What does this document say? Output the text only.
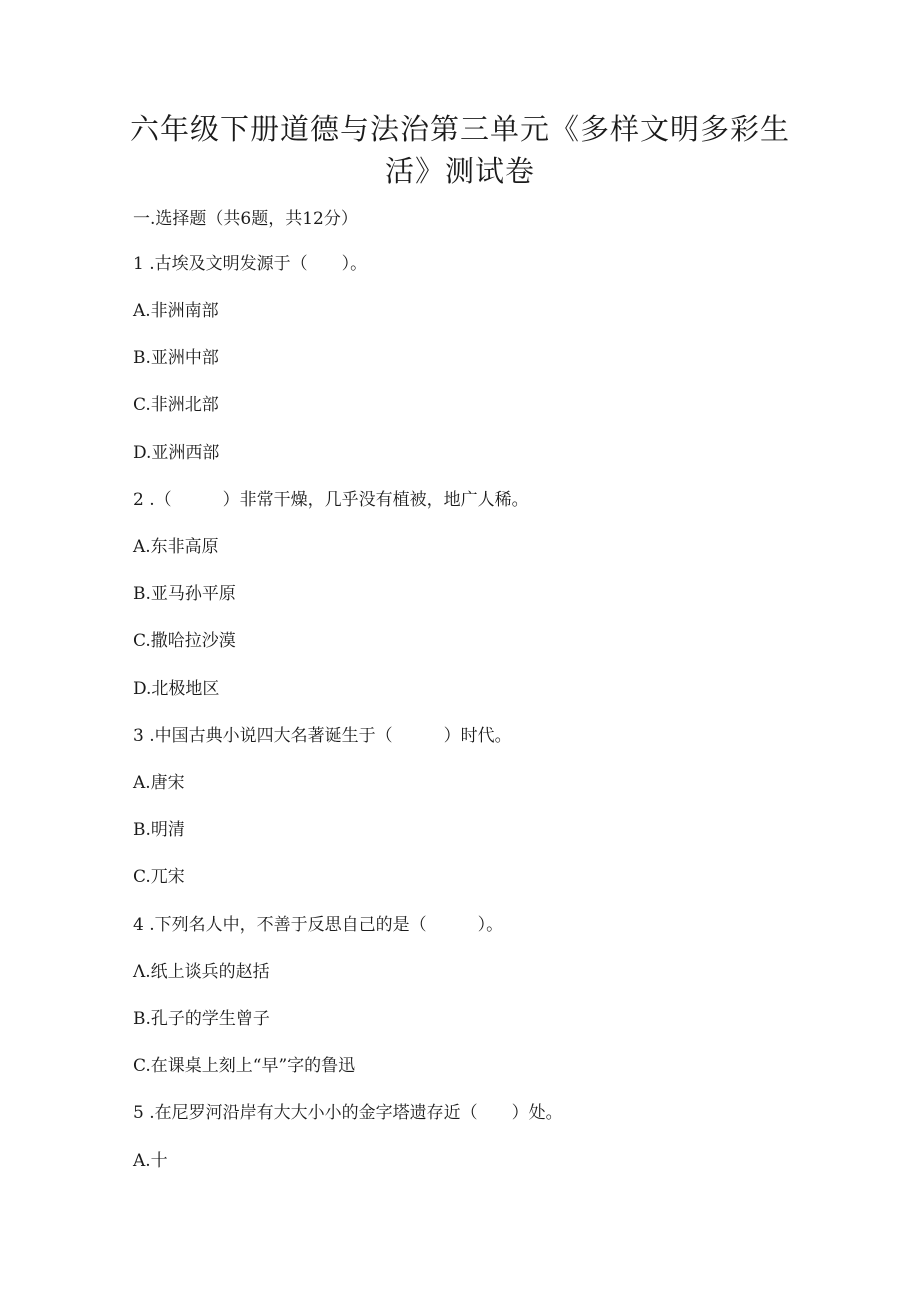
六年级下册道德与法治第三单元《多样文明多彩生
活》测试卷
一.选择题（共6题，共12分）
1 .古埃及文明发源于（　　）。
A.非洲南部
B.亚洲中部
C.非洲北部
D.亚洲西部
2 .（　　　）非常干燥，几乎没有植被，地广人稀。
A.东非高原
B.亚马孙平原
C.撒哈拉沙漠
D.北极地区
3 .中国古典小说四大名著诞生于（　　　）时代。
A.唐宋
B.明清
C.兀宋
4 .下列名人中，不善于反思自己的是（　　　）。
Λ.纸上谈兵的赵括
B.孔子的学生曾子
C.在课桌上刻上“早”字的鲁迅
5 .在尼罗河沿岸有大大小小的金字塔遗存近（　　）处。
A.十
